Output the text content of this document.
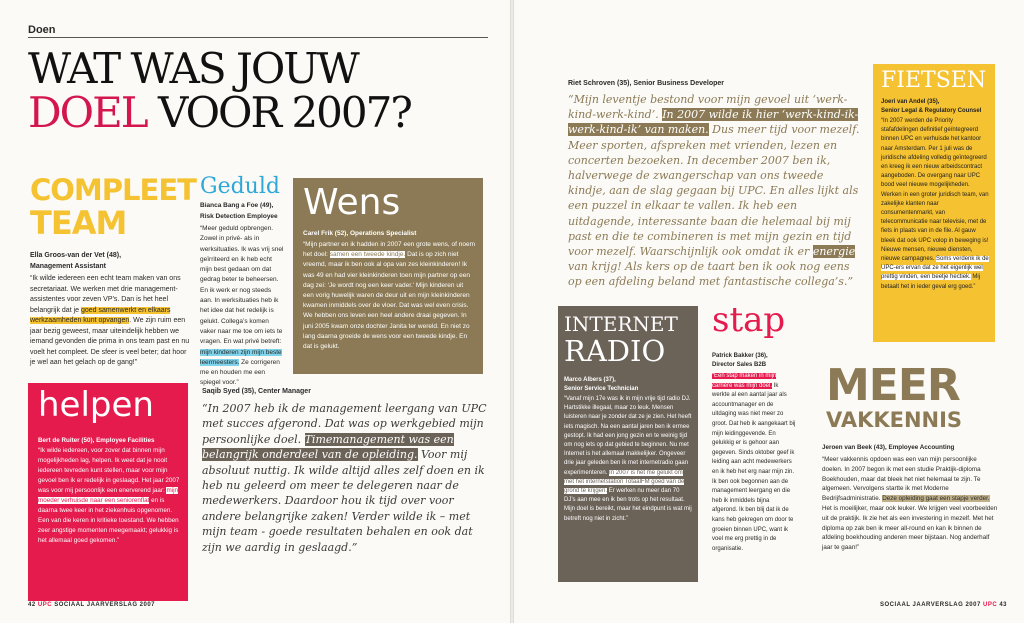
Doen
WAT WAS JOUW
DOEL VOOR 2007?
COMPLEET
TEAM
Ella Groos-van der Vet (48),
Management Assistant
“Ik wilde iedereen een echt team maken van ons secretariaat. We werken met drie management-assistentes voor zeven VP’s. Dan is het heel belangrijk dat je goed samenwerkt en elkaars werkzaamheden kunt opvangen. We zijn ruim een jaar bezig geweest, maar uiteindelijk hebben we iemand gevonden die prima in ons team past en nu voelt het compleet. De sfeer is veel beter; dat hoor je wel aan het gelach op de gang!”
Geduld
Bianca Bang a Foe (49),
Risk Detection Employee
“Meer geduld opbrengen. Zowel in privé- als in werksituaties. Ik was vrij snel geïrriteerd en ik heb echt mijn best gedaan om dat gedrag beter te beheersen. En ik werk er nog steeds aan. In werksituaties heb ik het idee dat het redelijk is gelukt. Collega’s komen vaker naar me toe om iets te vragen. En wat privé betreft: mijn kinderen zijn mijn beste leermeesters. Ze corrigeren me en houden me een spiegel voor.”
Wens
Carel Frik (52), Operations Specialist
“Mijn partner en ik hadden in 2007 een grote wens, of noem het doel: samen een tweede kindje. Dat is op zich niet vreemd, maar ik ben ook al opa van zes kleinkinderen! Ik was 49 en had vier kleinkinderen toen mijn partner op een dag zei: ‘Je wordt nog een keer vader.’ Mijn kinderen uit een vorig huwelijk waren de deur uit en mijn kleinkinderen kwamen inmiddels over de vloer. Dat was wel even crisis. We hebben ons leven een heel andere draai gegeven. In juni 2005 kwam onze dochter Janita ter wereld. En niet zo lang daarna groeide de wens voor een tweede kindje. En dat is gelukt.
helpen
Bert de Ruiter (50), Employee Facilities
“Ik wilde iedereen, voor zover dat binnen mijn mogelijkheden lag, helpen. Ik weet dat je nooit iedereen tevreden kunt stellen, maar voor mijn gevoel ben ik er redelijk in geslaagd. Het jaar 2007 was voor mij persoonlijk een enerverend jaar: mijn moeder verhuisde naar een seniorenflat en is daarna twee keer in het ziekenhuis opgenomen. Een van die keren in kritieke toestand. We hebben zeer angstige momenten meegemaakt; gelukkig is het allemaal goed gekomen.”
Saqib Syed (35), Center Manager
“In 2007 heb ik de management leergang van UPC met succes afgerond. Dat was op werkgebied mijn persoonlijke doel. Timemanagement was een belangrijk onderdeel van de opleiding. Voor mij absoluut nuttig. Ik wilde altijd alles zelf doen en ik heb nu geleerd om meer te delegeren naar de medewerkers. Daardoor hou ik tijd over voor andere belangrijke zaken! Verder wilde ik – met mijn team - goede resultaten behalen en ook dat zijn we aardig in geslaagd.”
42 UPC SOCIAAL JAARVERSLAG 2007
Riet Schroven (35), Senior Business Developer
“Mijn leventje bestond voor mijn gevoel uit ‘werk-kind-werk-kind’. In 2007 wilde ik hier ‘werk-kind-ik-werk-kind-ik’ van maken. Dus meer tijd voor mezelf. Meer sporten, afspreken met vrienden, lezen en concerten bezoeken. In december 2007 ben ik, halverwege de zwangerschap van ons tweede kindje, aan de slag gegaan bij UPC. En alles lijkt als een puzzel in elkaar te vallen. Ik heb een uitdagende, interessante baan die helemaal bij mij past en die te combineren is met mijn gezin en tijd voor mezelf. Waarschijnlijk ook omdat ik er energie van krijg! Als kers op de taart ben ik ook nog eens op een afdeling beland met fantastische collega’s.”
FIETSEN
Joeri van Andel (35),
Senior Legal & Regulatory Counsel
“In 2007 werden de Priority stafafdelingen definitief geïntegreerd binnen UPC en verhuisde het kantoor naar Amsterdam. Per 1 juli was de juridische afdeling volledig geïntegreerd en kreeg ik een nieuw arbeidscontract aangeboden. De overgang naar UPC bood veel nieuwe mogelijkheden. Werken in een groter juridisch team, van zakelijke klanten naar consumentenmarkt, van telecommunicatie naar televisie, met de fiets in plaats van in de file. Al gauw bleek dat ook UPC volop in beweging is! Nieuwe mensen, nieuwe diensten, nieuwe campagnes. Soms verdenk ik de UPC-ers ervan dat ze het eigenlijk wel prettig vinden, een beetje hectiek. Mij betaalt het in ieder geval erg goed.”
INTERNET
RADIO
Marco Albers (37),
Senior Service Technician
“Vanaf mijn 17e was ik in mijn vrije tijd radio DJ. Hartstikke illegaal, maar zo leuk. Mensen luisteren naar je zonder dat ze je zien. Het heeft iets magisch. Na een aantal jaren ben ik ermee gestopt. Ik had een jong gezin en te weinig tijd om nog iets op dat gebied te beginnen. Nu met Internet is het allemaal makkelijker. Ongeveer drie jaar geleden ben ik met internetradio gaan experimenteren. In 2007 is het me gelukt om met het internetstation TotaalFM goed van de grond te krijgen. Er werken nu meer dan 70 DJ’s aan mee en ik ben trots op het resultaat. Mijn doel is bereikt, maar het eindpunt is wat mij betreft nog niet in zicht.”
stap
Patrick Bakker (36),
Director Sales B2B
“Een stap maken in mijn carrière was mijn doel. Ik werkte al een aantal jaar als accountmanager en de uitdaging was niet meer zo groot. Dat heb ik aangekaart bij mijn leidinggevende. En gelukkig er is gehoor aan gegeven. Sinds oktober geef ik leiding aan acht medewerkers en ik heb het erg naar mijn zin. Ik ben ook begonnen aan de management leergang en die heb ik inmiddels bijna afgerond. Ik ben blij dat ik de kans heb gekregen om door te groeien binnen UPC, want ik voel me erg prettig in de organisatie.
MEER
VAKKENNIS
Jeroen van Beek (43), Employee Accounting
“Meer vakkennis opdoen was een van mijn persoonlijke doelen. In 2007 begon ik met een studie Praktijk-diploma Boekhouden, maar dat bleek het niet helemaal te zijn. Te algemeen. Vervolgens startte ik met Moderne Bedrijfsadministratie. Deze opleiding gaat een stapje verder. Het is moeilijker, maar ook leuker. We krijgen veel voorbeelden uit de praktijk. Ik zie het als een investering in mezelf. Met het diploma op zak ben ik meer all-round en kan ik binnen de afdeling boekhouding anderen meer bijstaan. Nog anderhalf jaar te gaan!”
SOCIAAL JAARVERSLAG 2007 UPC 43
